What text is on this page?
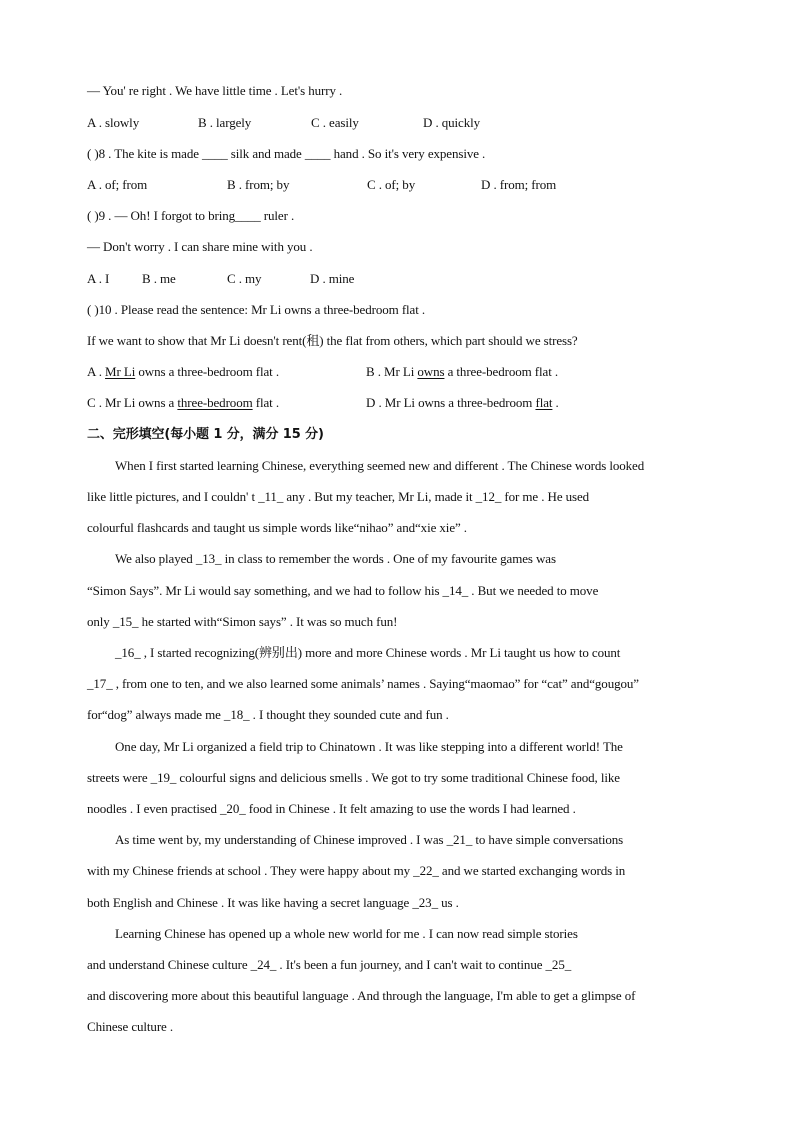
— You' re right . We have little time . Let's hurry .
A . slowly	B . largely	C . easily	D . quickly
( )8 . The kite is made ____ silk and made ____ hand . So it's very expensive .
A . of; from	B . from; by	C . of; by	D . from; from
( )9 . — Oh! I forgot to bring____ ruler .
— Don't worry . I can share mine with you .
A . I	B . me	C . my	D . mine
( )10 . Please read the sentence: Mr Li owns a three-bedroom flat .
If we want to show that Mr Li doesn't rent(租) the flat from others, which part should we stress?
A . Mr Li owns a three-bedroom flat .	B . Mr Li owns a three-bedroom flat .
C . Mr Li owns a three-bedroom flat .	D . Mr Li owns a three-bedroom flat .
二、完形填空(每小题 1 分，满分 15 分)
When I first started learning Chinese, everything seemed new and different . The Chinese words looked
like little pictures, and I couldn' t _11_ any . But my teacher, Mr Li, made it _12_ for me . He used
colourful flashcards and taught us simple words like“nihao” and“xie xie” .
We also played _13_ in class to remember the words . One of my favourite games was
“Simon Says”. Mr Li would say something, and we had to follow his _14_ . But we needed to move
only _15_ he started with“Simon says” . It was so much fun!
_16_ , I started recognizing(辨别出) more and more Chinese words . Mr Li taught us how to count
_17_ , from one to ten, and we also learned some animals’ names . Saying“maomao” for “cat” and“gougou”
for“dog” always made me _18_ . I thought they sounded cute and fun .
One day, Mr Li organized a field trip to Chinatown . It was like stepping into a different world! The
streets were _19_ colourful signs and delicious smells . We got to try some traditional Chinese food, like
noodles . I even practised _20_ food in Chinese . It felt amazing to use the words I had learned .
As time went by, my understanding of Chinese improved . I was _21_ to have simple conversations
with my Chinese friends at school . They were happy about my _22_ and we started exchanging words in
both English and Chinese . It was like having a secret language _23_ us .
Learning Chinese has opened up a whole new world for me . I can now read simple stories
and understand Chinese culture _24_ . It's been a fun journey, and I can't wait to continue _25_
and discovering more about this beautiful language . And through the language, I'm able to get a glimpse of
Chinese culture .
